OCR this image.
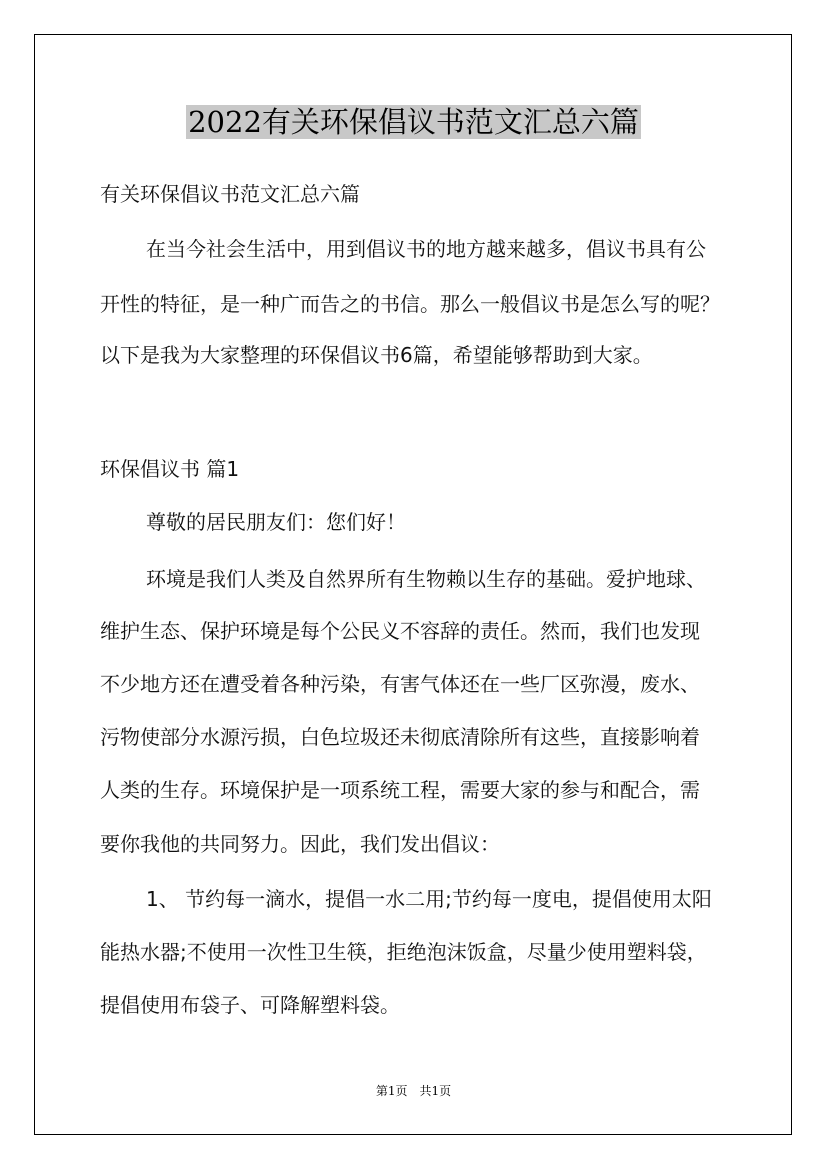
2022有关环保倡议书范文汇总六篇
有关环保倡议书范文汇总六篇
在当今社会生活中，用到倡议书的地方越来越多，倡议书具有公
开性的特征，是一种广而告之的书信。那么一般倡议书是怎么写的呢？
以下是我为大家整理的环保倡议书6篇，希望能够帮助到大家。
环保倡议书 篇1
尊敬的居民朋友们：您们好！
环境是我们人类及自然界所有生物赖以生存的基础。爱护地球、
维护生态、保护环境是每个公民义不容辞的责任。然而，我们也发现
不少地方还在遭受着各种污染，有害气体还在一些厂区弥漫，废水、
污物使部分水源污损，白色垃圾还未彻底清除所有这些，直接影响着
人类的生存。环境保护是一项系统工程，需要大家的参与和配合，需
要你我他的共同努力。因此，我们发出倡议：
1、 节约每一滴水，提倡一水二用;节约每一度电，提倡使用太阳
能热水器;不使用一次性卫生筷，拒绝泡沫饭盒，尽量少使用塑料袋，
提倡使用布袋子、可降解塑料袋。
第1页　共1页
